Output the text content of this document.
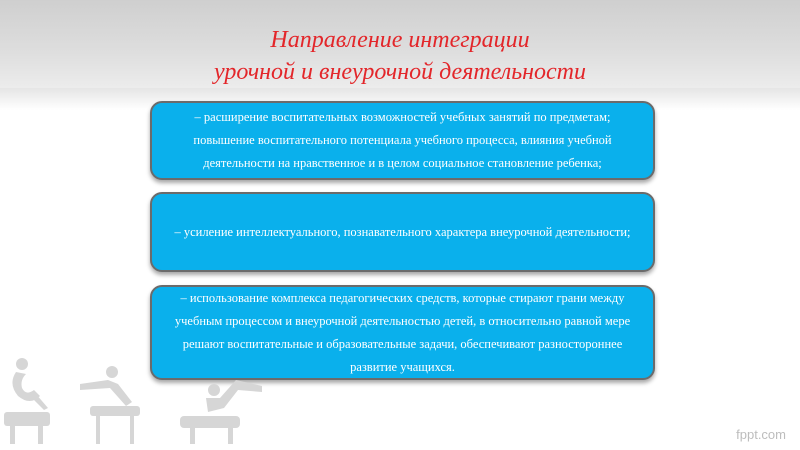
Направление интеграции
урочной и внеурочной деятельности
– расширение воспитательных возможностей учебных занятий по предметам; повышение воспитательного потенциала учебного процесса, влияния учебной деятельности на нравственное и в целом социальное становление ребенка;
– усиление интеллектуального, познавательного характера внеурочной деятельности;
– использование комплекса педагогических средств, которые стирают грани между учебным процессом и внеурочной деятельностью детей, в относительно равной мере решают воспитательные и образовательные задачи, обеспечивают разностороннее развитие учащихся.
fppt.com
